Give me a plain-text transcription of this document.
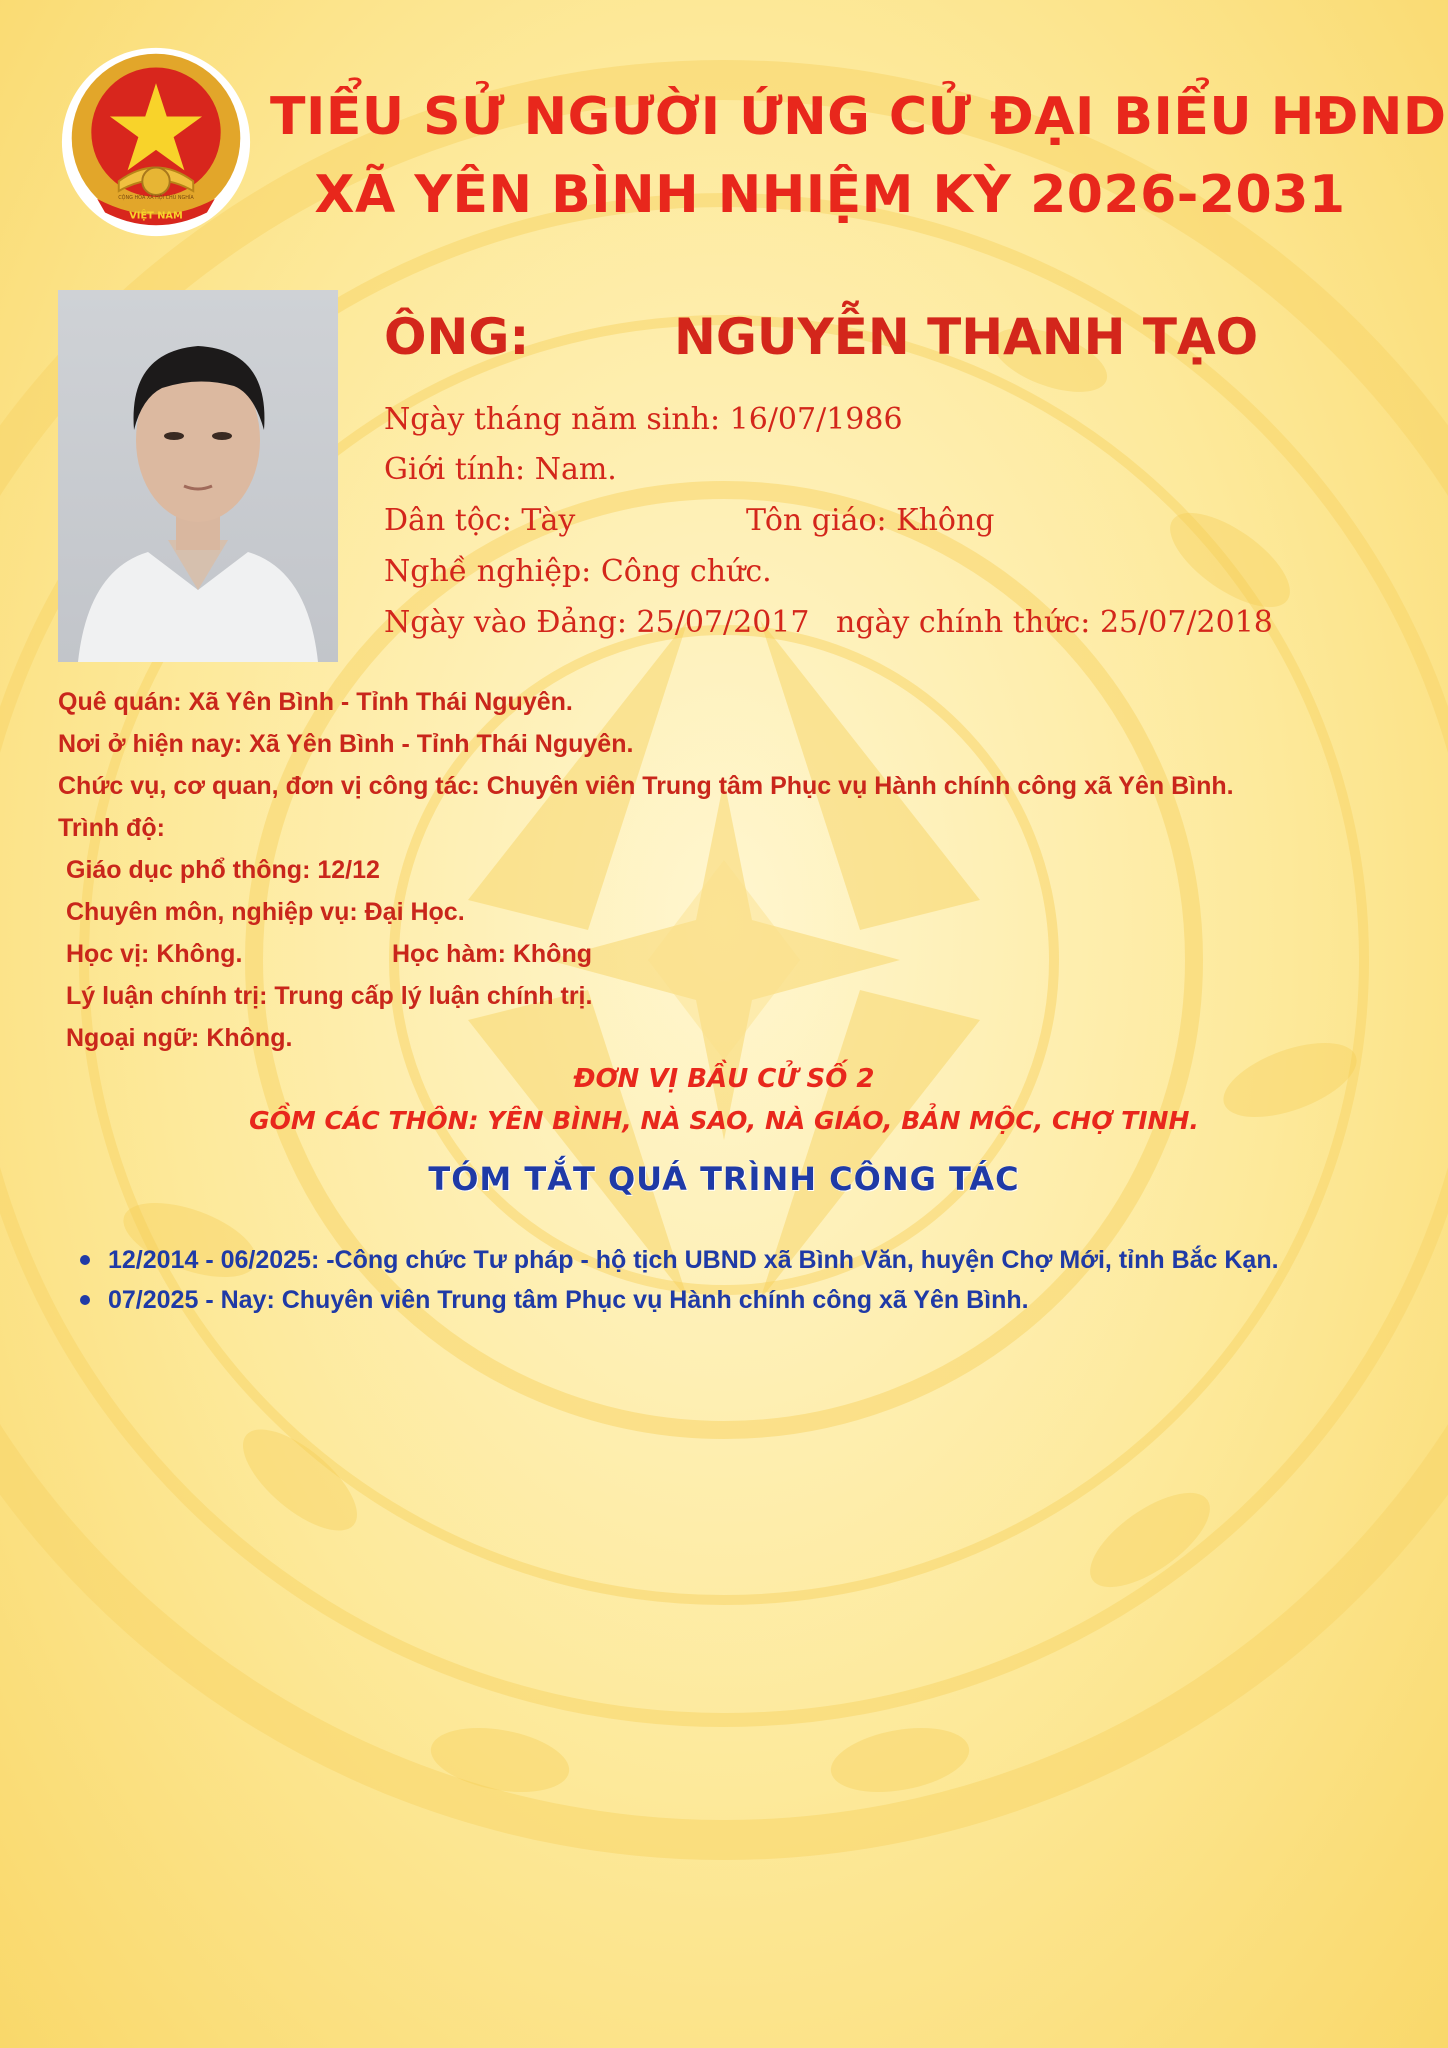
VIỆT NAM
CỘNG HÒA XÃ HỘI CHỦ NGHĨA
TIỂU SỬ NGƯỜI ỨNG CỬ ĐẠI BIỂU HĐND
XÃ YÊN BÌNH NHIỆM KỲ 2026-2031
ÔNG:	NGUYỄN THANH TẠO
Ngày tháng năm sinh: 16/07/1986
Giới tính: Nam.
Dân tộc: Tày	Tôn giáo: Không
Nghề nghiệp: Công chức.
Ngày vào Đảng: 25/07/2017 ngày chính thức: 25/07/2018
Quê quán: Xã Yên Bình - Tỉnh Thái Nguyên.
Nơi ở hiện nay: Xã Yên Bình - Tỉnh Thái Nguyên.
Chức vụ, cơ quan, đơn vị công tác: Chuyên viên Trung tâm Phục vụ Hành chính công xã Yên Bình.
Trình độ:
Giáo dục phổ thông: 12/12
Chuyên môn, nghiệp vụ: Đại Học.
Học vị: Không.	Học hàm: Không
Lý luận chính trị: Trung cấp lý luận chính trị.
Ngoại ngữ: Không.
ĐƠN VỊ BẦU CỬ SỐ 2
GỒM CÁC THÔN: YÊN BÌNH, NÀ SAO, NÀ GIÁO, BẢN MỘC, CHỢ TINH.
TÓM TẮT QUÁ TRÌNH CÔNG TÁC
12/2014 - 06/2025: -Công chức Tư pháp - hộ tịch UBND xã Bình Văn, huyện Chợ Mới, tỉnh Bắc Kạn.
07/2025 - Nay: Chuyên viên Trung tâm Phục vụ Hành chính công xã Yên Bình.
